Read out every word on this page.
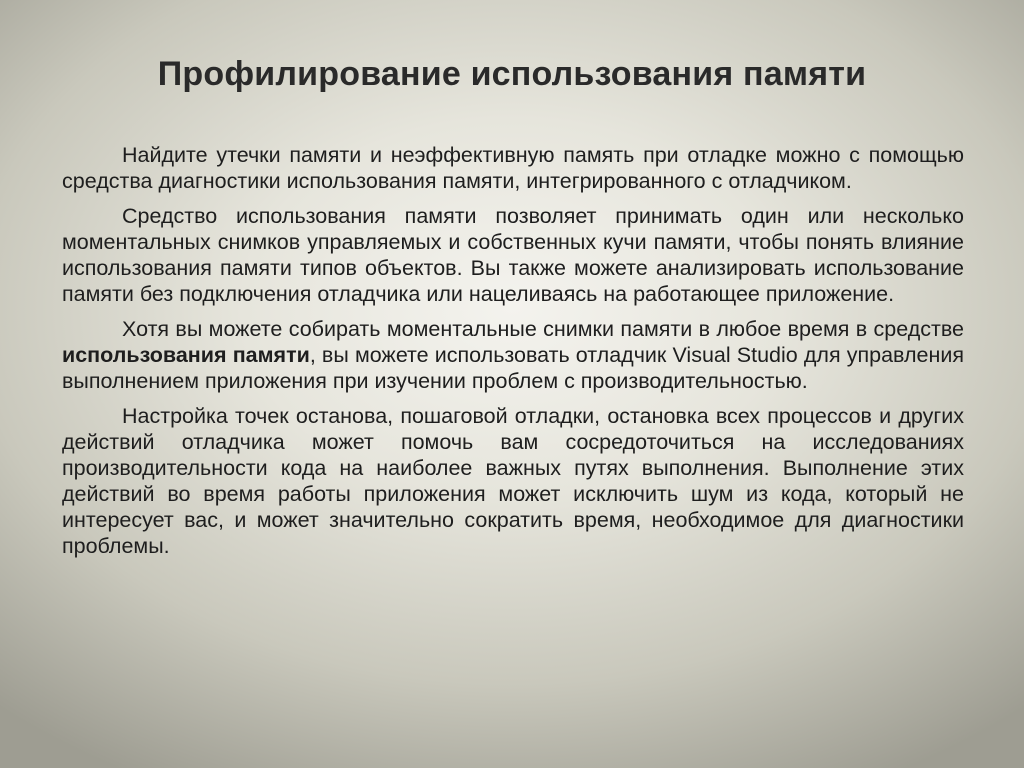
Профилирование использования памяти

Найдите утечки памяти и неэффективную память при отладке можно с помощью средства диагностики использования памяти, интегрированного с отладчиком.

Средство использования памяти позволяет принимать один или несколько моментальных снимков управляемых и собственных кучи памяти, чтобы понять влияние использования памяти типов объектов. Вы также можете анализировать использование памяти без подключения отладчика или нацеливаясь на работающее приложение.

Хотя вы можете собирать моментальные снимки памяти в любое время в средстве использования памяти, вы можете использовать отладчик Visual Studio для управления выполнением приложения при изучении проблем с производительностью.

Настройка точек останова, пошаговой отладки, остановка всех процессов и других действий отладчика может помочь вам сосредоточиться на исследованиях производительности кода на наиболее важных путях выполнения. Выполнение этих действий во время работы приложения может исключить шум из кода, который не интересует вас, и может значительно сократить время, необходимое для диагностики проблемы.
